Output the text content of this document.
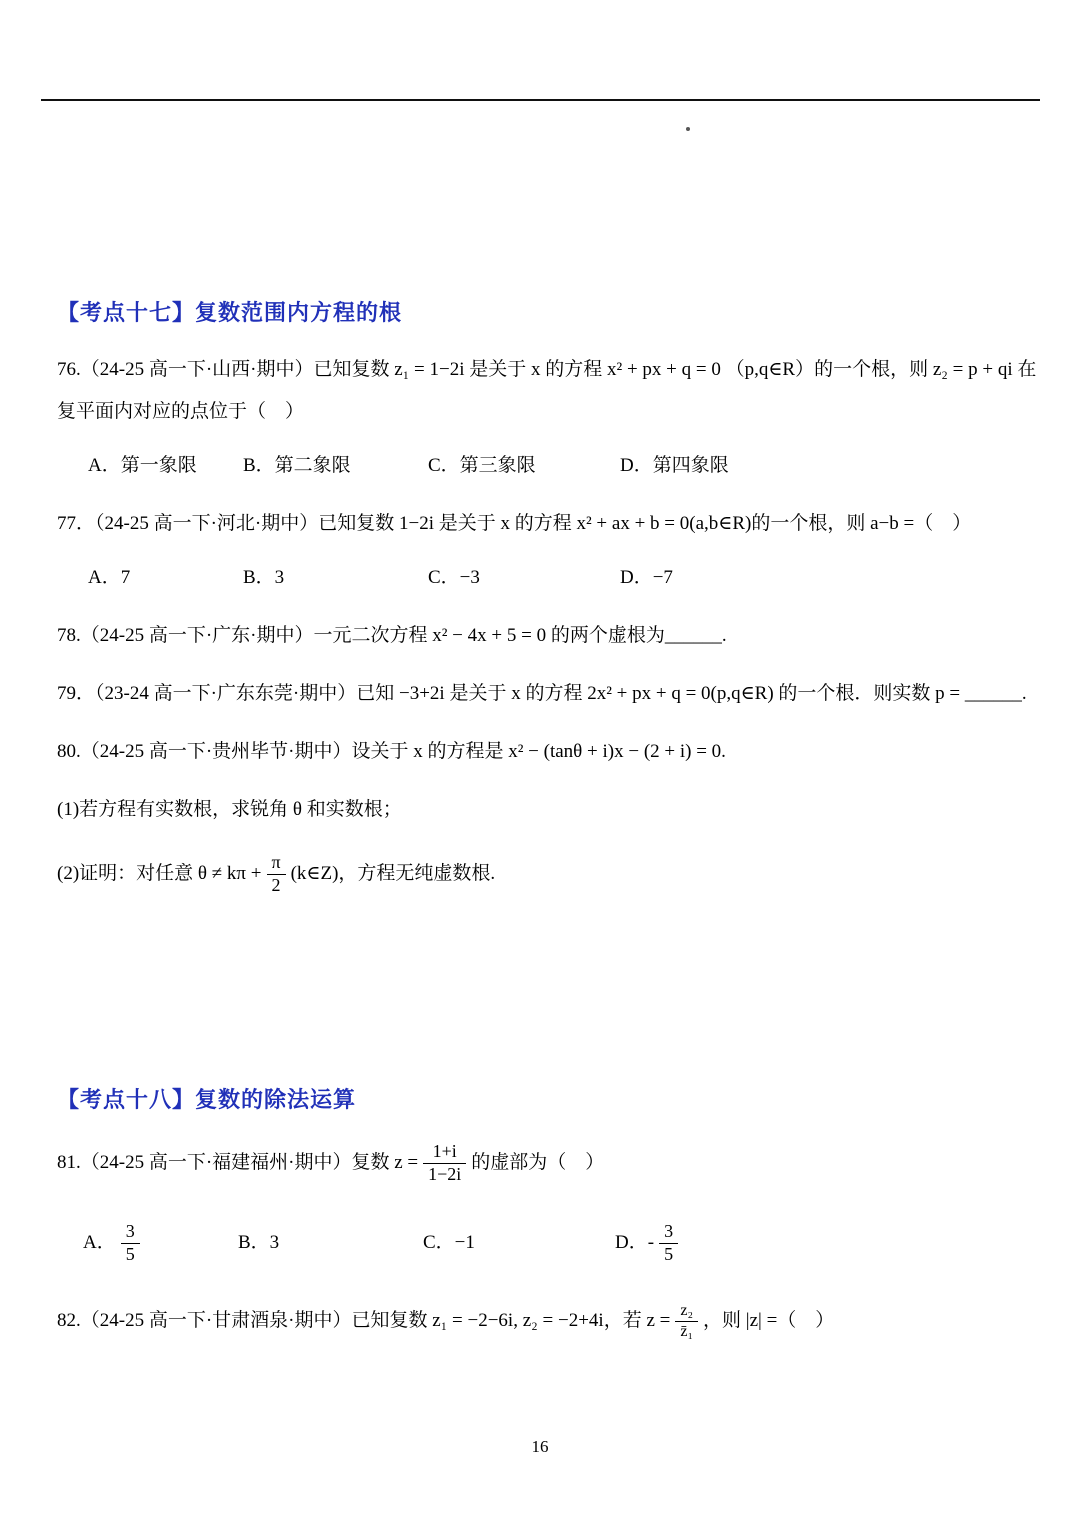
【考点十七】复数范围内方程的根
76.（24-25 高一下·山西·期中）已知复数 z₁ = 1−2i 是关于 x 的方程 x² + px + q = 0 （p,q∈R）的一个根，则 z₂ = p + qi 在
复平面内对应的点位于（　）
A．第一象限	B．第二象限	C．第三象限	D．第四象限
77．（24-25 高一下·河北·期中）已知复数 1−2i 是关于 x 的方程 x² + ax + b = 0(a,b∈R)的一个根，则 a−b =（　）
A．7	B．3	C．−3	D．−7
78.（24-25 高一下·广东·期中）一元二次方程 x² − 4x + 5 = 0 的两个虚根为______.
79．（23-24 高一下·广东东莞·期中）已知 −3+2i 是关于 x 的方程 2x² + px + q = 0(p,q∈R) 的一个根．则实数 p = ______.
80.（24-25 高一下·贵州毕节·期中）设关于 x 的方程是 x² − (tanθ + i)x − (2 + i) = 0.
(1)若方程有实数根，求锐角 θ 和实数根；
(2)证明：对任意 $\theta \ne k\pi + \frac{\pi}{2}$ (k∈Z)，方程无纯虚数根.
【考点十八】复数的除法运算
81.（24-25 高一下·福建福州·期中）复数 $z = \frac{1+i}{1-2i}$ 的虚部为（　）
A． $\frac{3}{5}$	B．3	C．−1	D．- $\frac{3}{5}$
82.（24-25 高一下·甘肃酒泉·期中）已知复数 z₁ = −2−6i, z₂ = −2+4i，若 $z = \frac{\text{z₂}}{\text{z̄₁}}$ ，则 |z| =（　）
16
